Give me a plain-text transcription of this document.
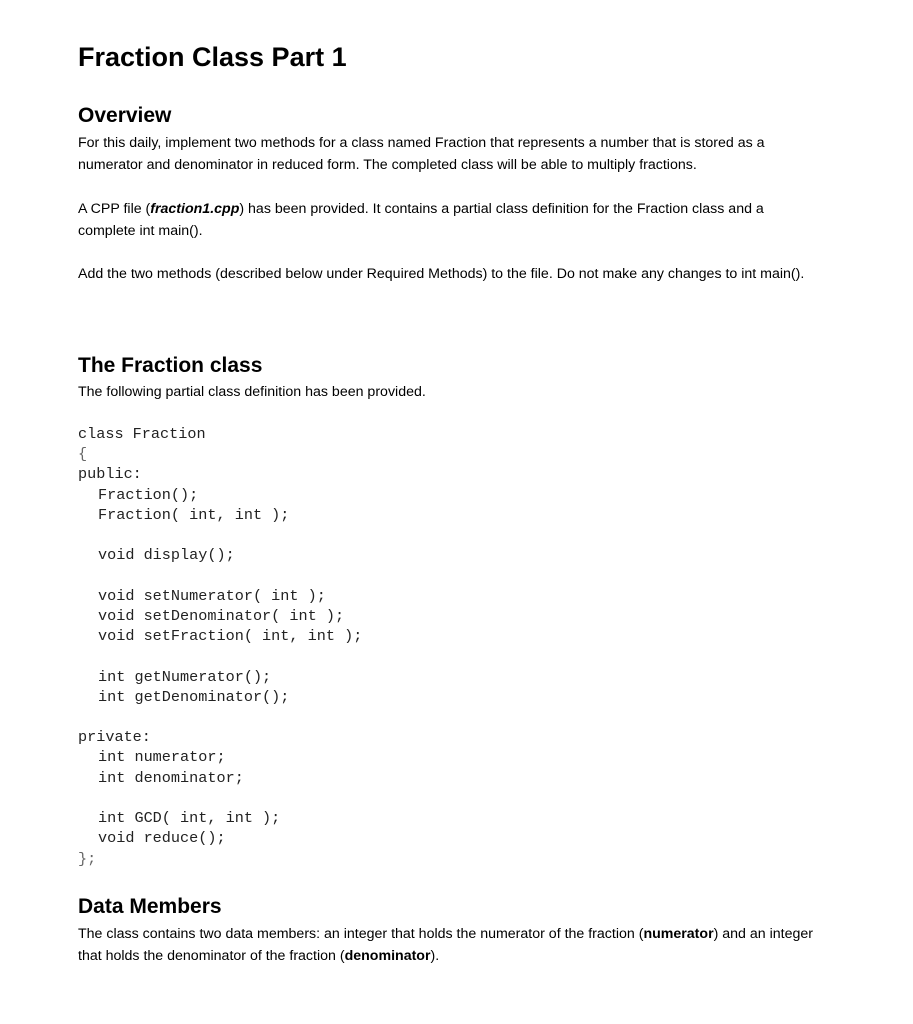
Fraction Class Part 1
Overview

For this daily, implement two methods for a class named Fraction that represents a number that is stored as a numerator and denominator in reduced form. The completed class will be able to multiply fractions.

A CPP file (fraction1.cpp) has been provided. It contains a partial class definition for the Fraction class and a complete int main().

Add the two methods (described below under Required Methods) to the file. Do not make any changes to int main().

The Fraction class

The following partial class definition has been provided.

class Fraction

{

public:

Fraction();

Fraction( int, int );

void display();

void setNumerator( int );

void setDenominator( int );

void setFraction( int, int );

int getNumerator();

int getDenominator();

private:

int numerator;

int denominator;

int GCD( int, int );

void reduce();

};

Data Members

The class contains two data members: an integer that holds the numerator of the fraction (numerator) and an integer that holds the denominator of the fraction (denominator).
